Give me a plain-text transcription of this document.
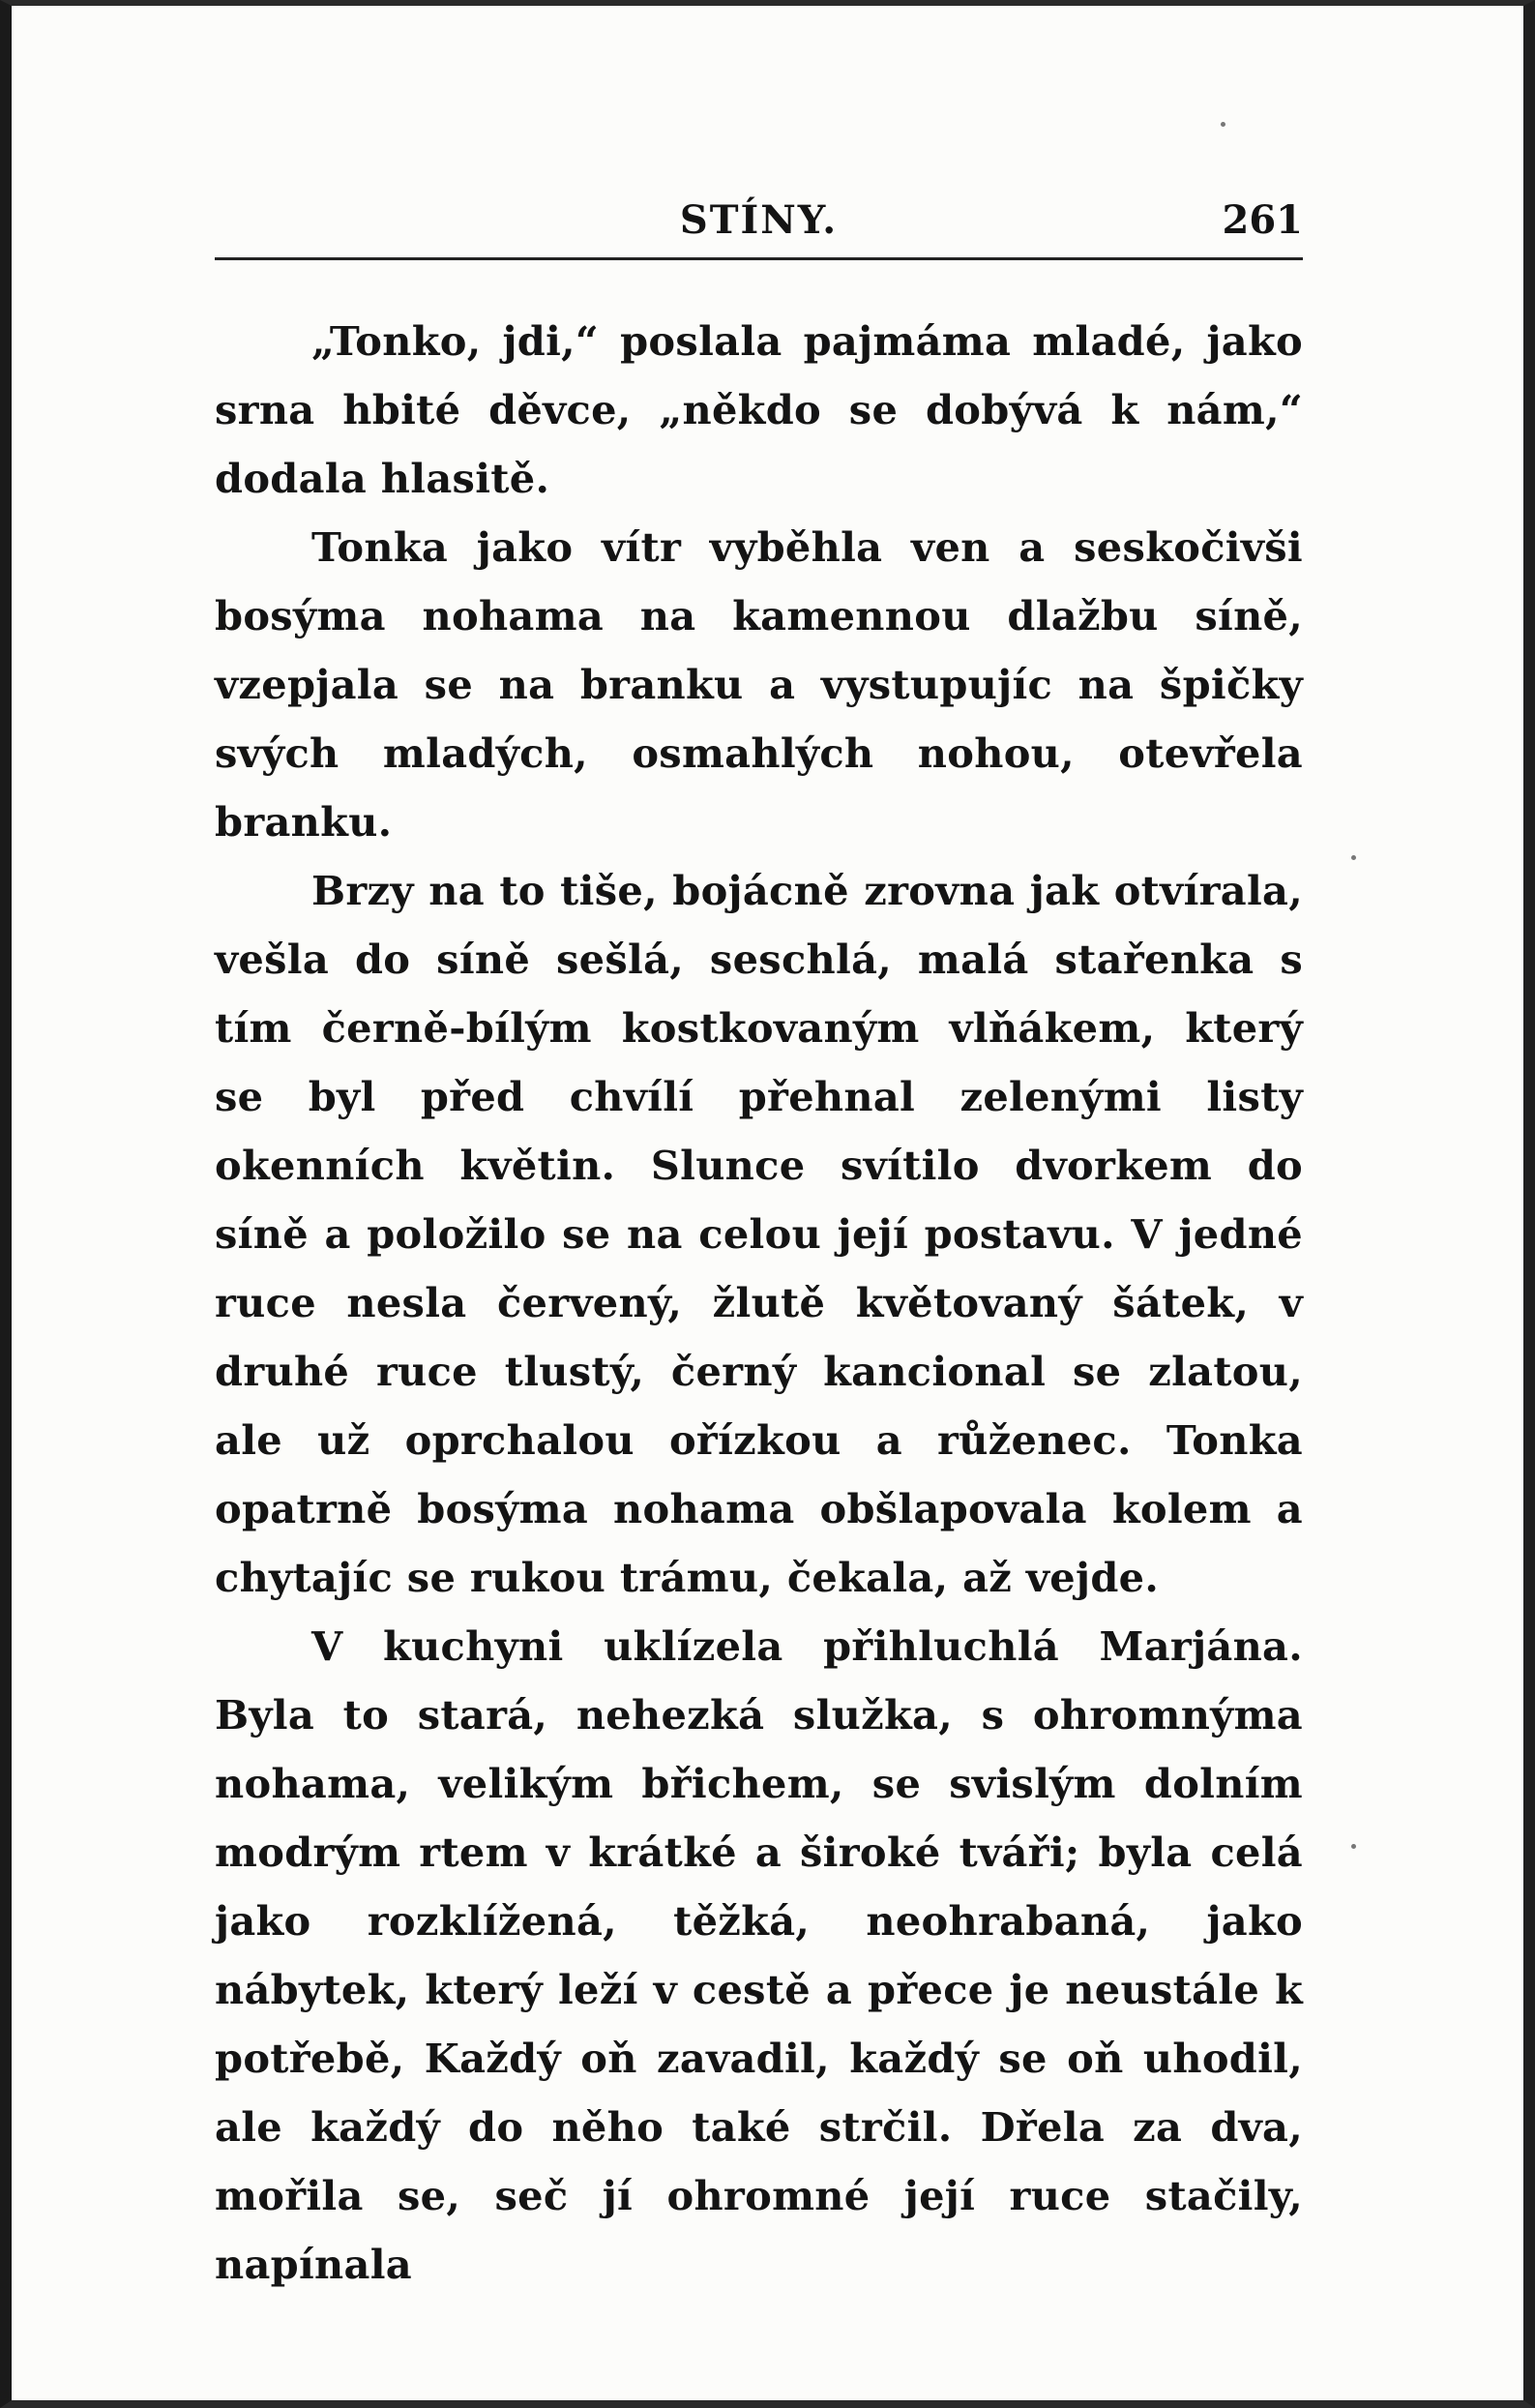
STÍNY.	261

„Tonko, jdi,“ poslala pajmáma mladé, jako srna hbité děvce, „někdo se dobývá k nám,“ dodala hlasitě.

Tonka jako vítr vyběhla ven a seskočivši bosýma nohama na kamennou dlažbu síně, vzepjala se na branku a vystupujíc na špičky svých mladých, osmahlých nohou, otevřela branku.

Brzy na to tiše, bojácně zrovna jak otvírala, vešla do síně sešlá, seschlá, malá stařenka s tím černě-bílým kostkovaným vlňákem, který se byl před chvílí přehnal zelenými listy okenních květin. Slunce svítilo dvorkem do síně a položilo se na celou její postavu. V jedné ruce nesla červený, žlutě květovaný šátek, v druhé ruce tlustý, černý kancional se zlatou, ale už oprchalou ořízkou a růženec. Tonka opatrně bosýma nohama obšlapovala kolem a chytajíc se rukou trámu, čekala, až vejde.

V kuchyni uklízela přihluchlá Marjána. Byla to stará, nehezká služka, s ohromnýma nohama, velikým břichem, se svislým dolním modrým rtem v krátké a široké tváři; byla celá jako rozklížená, těžká, neohrabaná, jako nábytek, který leží v cestě a přece je neustále k potřebě, Každý oň zavadil, každý se oň uhodil, ale každý do něho také strčil. Dřela za dva, mořila se, seč jí ohromné její ruce stačily, napínala
